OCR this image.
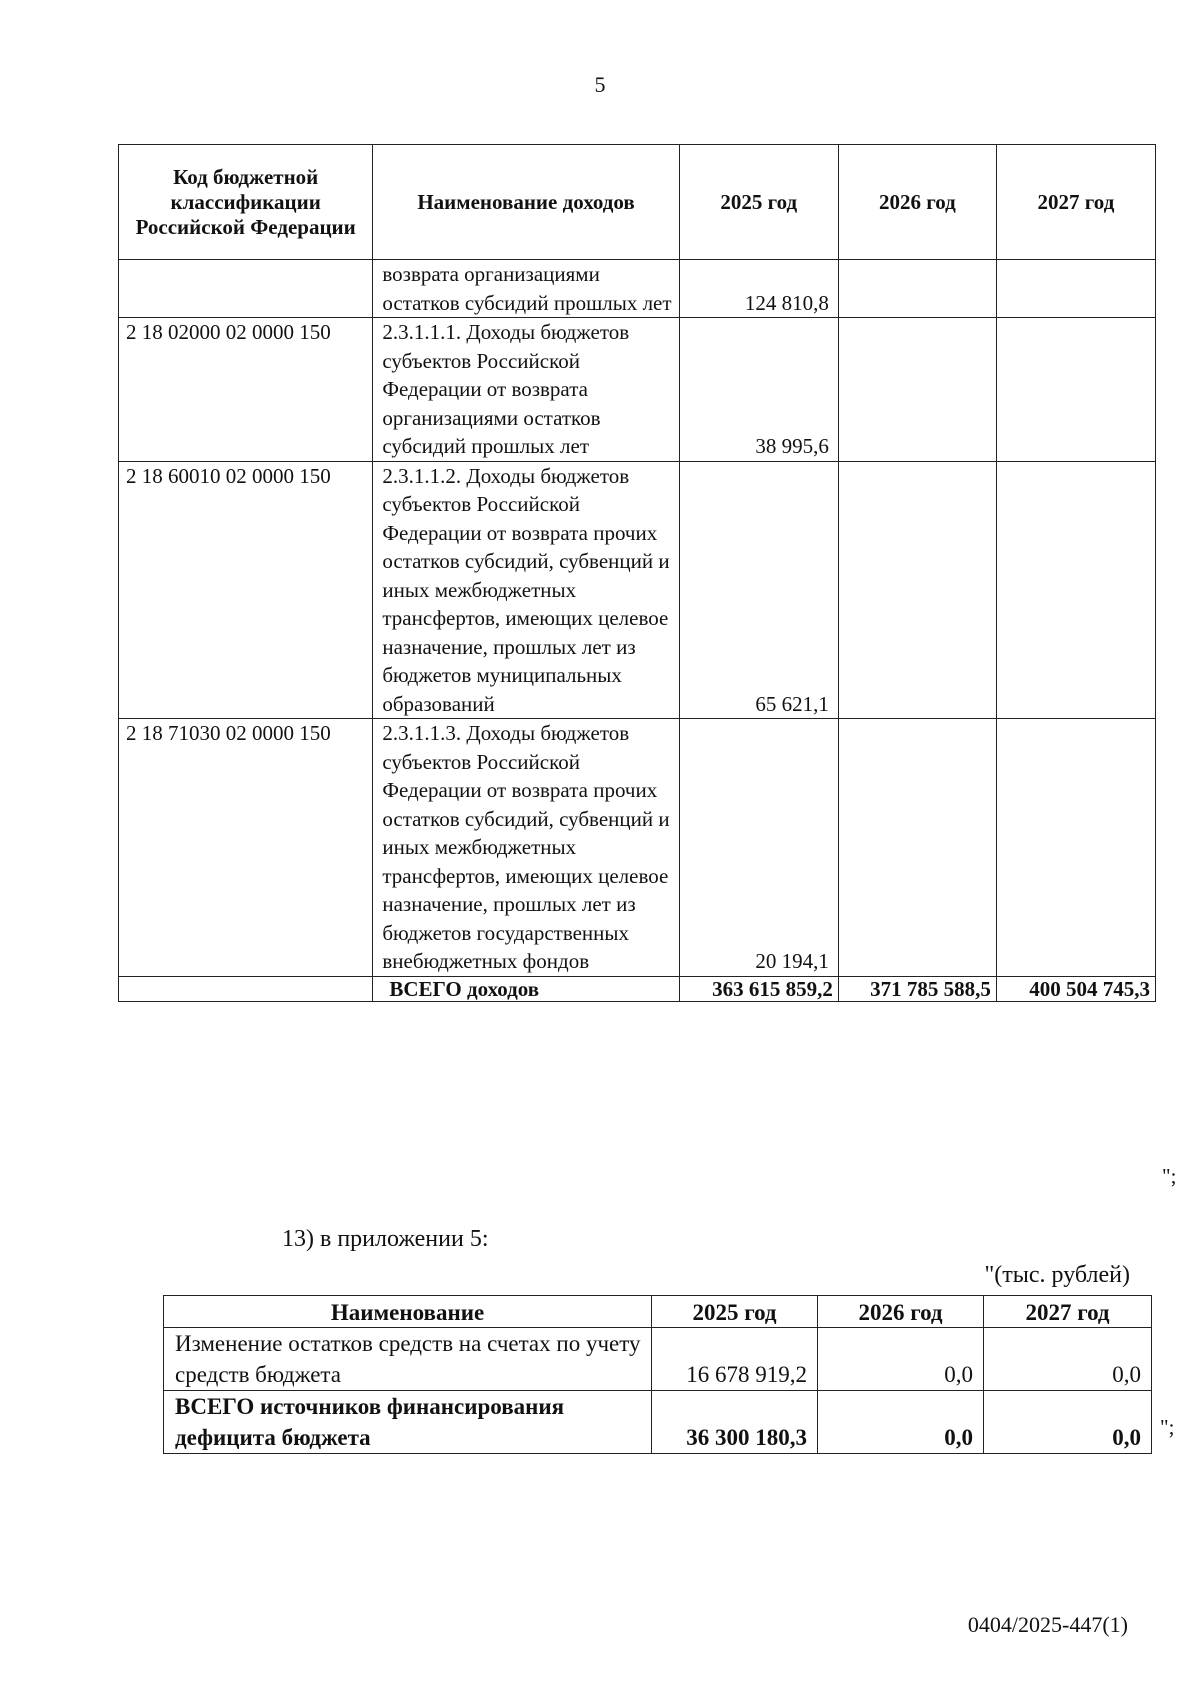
5
Код бюджетной классификации Российской Федерации	Наименование доходов	2025 год	2026 год	2027 год
	возврата организациями остатков субсидий прошлых лет	124 810,8		
2 18 02000 02 0000 150	2.3.1.1.1. Доходы бюджетов субъектов Российской Федерации от возврата организациями остатков субсидий прошлых лет	38 995,6		
2 18 60010 02 0000 150	2.3.1.1.2. Доходы бюджетов субъектов Российской Федерации от возврата прочих остатков субсидий, субвенций и иных межбюджетных трансфертов, имеющих целевое назначение, прошлых лет из бюджетов муниципальных образований	65 621,1		
2 18 71030 02 0000 150	2.3.1.1.3. Доходы бюджетов субъектов Российской Федерации от возврата прочих остатков субсидий, субвенций и иных межбюджетных трансфертов, имеющих целевое назначение, прошлых лет из бюджетов государственных внебюджетных фондов	20 194,1		
	ВСЕГО доходов	363 615 859,2	371 785 588,5	400 504 745,3
";
13) в приложении 5:
"(тыс. рублей)
Наименование	2025 год	2026 год	2027 год
Изменение остатков средств на счетах по учету средств бюджета	16 678 919,2	0,0	0,0
ВСЕГО источников финансирования дефицита бюджета	36 300 180,3	0,0	0,0 ";
0404/2025-447(1)
